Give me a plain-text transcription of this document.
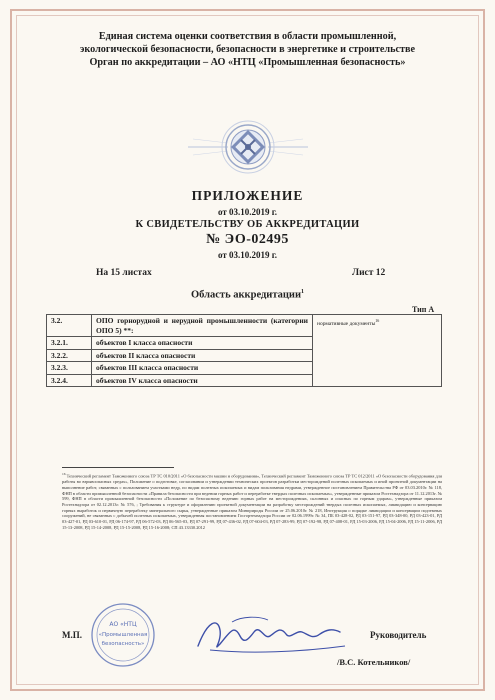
Единая система оценки соответствия в области промышленной,
экологической безопасности, безопасности в энергетике и строительстве
Орган по аккредитации – АО «НТЦ «Промышленная безопасность»
ПРИЛОЖЕНИЕ
от 03.10.2019 г.
К СВИДЕТЕЛЬСТВУ ОБ АККРЕДИТАЦИИ
№ ЭО-02495
от 03.10.2019 г.
На 15 листах	Лист 12
Область аккредитации$^1$
Тип А
3.2.	ОПО горнорудной и нерудной промышленности (категории ОПО 5) **:	нормативные документы$^{16}$
3.2.1.	объектов I класса опасности	
3.2.2.	объектов II класса опасности	
3.2.3.	объектов III класса опасности	
3.2.4.	объектов IV класса опасности	
$^{16}$ Технический регламент Таможенного союза ТР ТС 010/2011 «О безопасности машин и оборудования», Технический регламент Таможенного союза ТР ТС 012/2011 «О безопасности оборудования для работы во взрывоопасных средах», Положение о подготовке, согласовании и утверждении технических проектов разработки месторождений полезных ископаемых и иной проектной документации на выполнение работ, связанных с пользованием участками недр, по видам полезных ископаемых и видам пользования недрами, утвержденное постановлением Правительства РФ от 03.03.2010г. № 118, ФНП в области промышленной безопасности «Правила безопасности при ведении горных работ и переработке твердых полезных ископаемых», утвержденные приказом Ростехнадзора от 11.12.2013г. № 599, ФНП в области промышленной безопасности «Положение по безопасному ведению горных работ на месторождениях, склонных и опасных по горным ударам», утвержденные приказом Ростехнадзора от 02.12.2013г. № 576, ; Требования к структуре и оформлению проектной документации на разработку месторождений твердых полезных ископаемых, ликвидацию и консервацию горных выработок и первичную переработку минерального сырья, утвержденные приказом Минприроды России от 25.06.2010г. № 218, Инструкция о порядке ликвидации и консервации подземных сооружений, не связанных с добычей полезных ископаемых, утвержденная постановлением Госгортехнадзора России от 02.06.1999г. № 34, ПБ 03-428-02, РД 03-151-97, РД 03-348-00, РД 03-423-01, РД 03-427-01, РД 03-610-01, РД 06-174-97, РД 06-572-03, РД 06-565-03, РД 07-291-99, РД 07-436-02, РД 07-604-03, РД 07-283-99, РД 07-192-98, РД 07-408-01, РД 15-03-2006, РД 15-04-2006, РД 15-11-2006, РД 15-13-2008, РД 15-14-2008, РД 15-15-2008, РД 15-16-2008; СП 43.13330.2012
М.П.
АО «НТЦ
«Промышленная
безопасность»
Руководитель
/В.С. Котельников/
